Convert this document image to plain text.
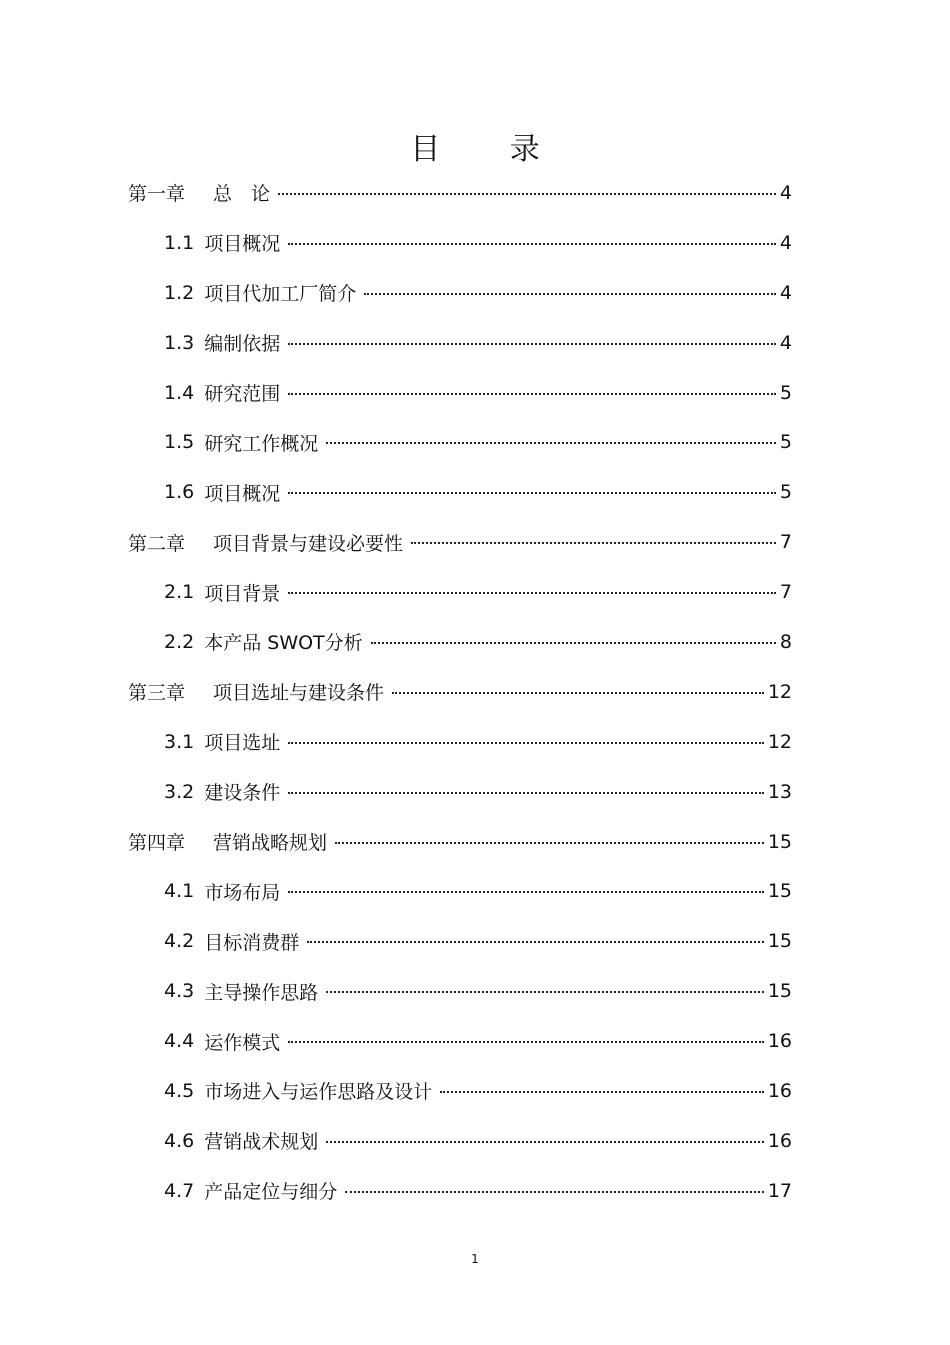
目 录
第一章 总　论	4
1.1 项目概况	4
1.2 项目代加工厂简介	4
1.3 编制依据	4
1.4 研究范围	5
1.5 研究工作概况	5
1.6 项目概况	5
第二章 项目背景与建设必要性	7
2.1 项目背景	7
2.2 本产品 SWOT分析	8
第三章 项目选址与建设条件	12
3.1 项目选址	12
3.2 建设条件	13
第四章 营销战略规划	15
4.1 市场布局	15
4.2 目标消费群	15
4.3 主导操作思路	15
4.4 运作模式	16
4.5 市场进入与运作思路及设计	16
4.6 营销战术规划	16
4.7 产品定位与细分	17
1
